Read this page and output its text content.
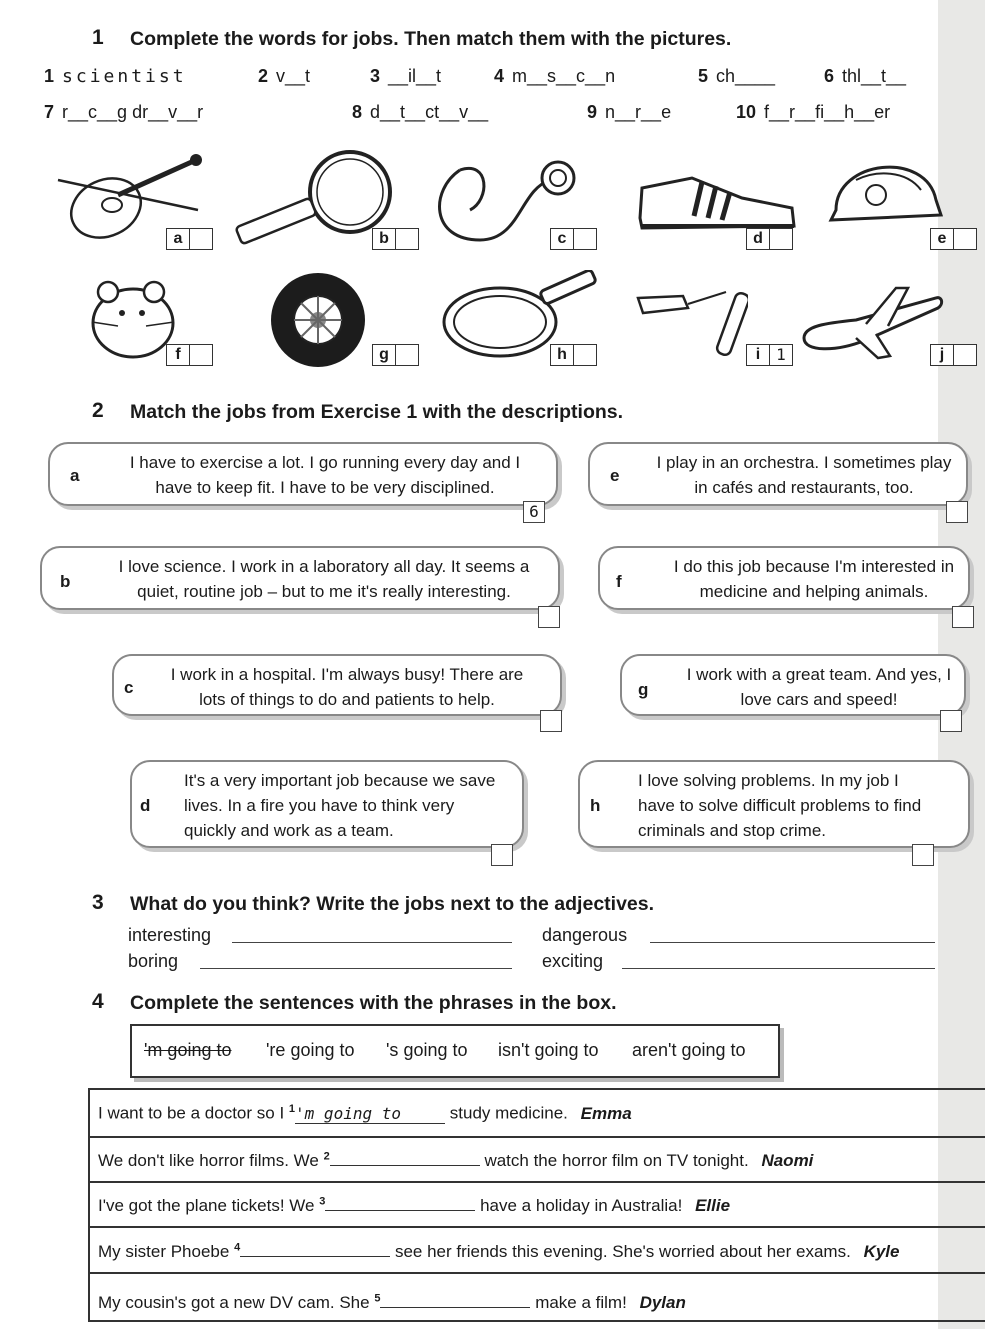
1 Complete the words for jobs. Then match them with the pictures.
1 scientist	2 v__t	3 __il__t	4 m__s__c__n	5 ch____	6 thl__t__
7 r__c__g dr__v__r	8 d__t__ct__v__	9 n__r__e	10 f__r__fi__h__er
a	b	c	d	e
f	g	h	i 1	j
2 Match the jobs from Exercise 1 with the descriptions.
a
I have to exercise a lot. I go running every day and I have to keep fit. I have to be very disciplined.
6
b
I love science. I work in a laboratory all day. It seems a quiet, routine job – but to me it's really interesting.
c
I work in a hospital. I'm always busy! There are lots of things to do and patients to help.
d
It's a very important job because we save lives. In a fire you have to think very quickly and work as a team.
e
I play in an orchestra. I sometimes play in cafés and restaurants, too.
f
I do this job because I'm interested in medicine and helping animals.
g
I work with a great team. And yes, I love cars and speed!
h
I love solving problems. In my job I have to solve difficult problems to find criminals and stop crime.
3 What do you think? Write the jobs next to the adjectives.
interesting
boring
dangerous
exciting
4 Complete the sentences with the phrases in the box.
'm going to 're going to 's going to isn't going to aren't going to
I want to be a doctor so I $^1$'m going to	study medicine. Emma
We don't like horror films. We $^2$	watch the horror film on TV tonight. Naomi
I've got the plane tickets! We $^3$	have a holiday in Australia! Ellie
My sister Phoebe $^4$	see her friends this evening. She's worried about her exams. Kyle
My cousin's got a new DV cam. She $^5$	make a film! Dylan
